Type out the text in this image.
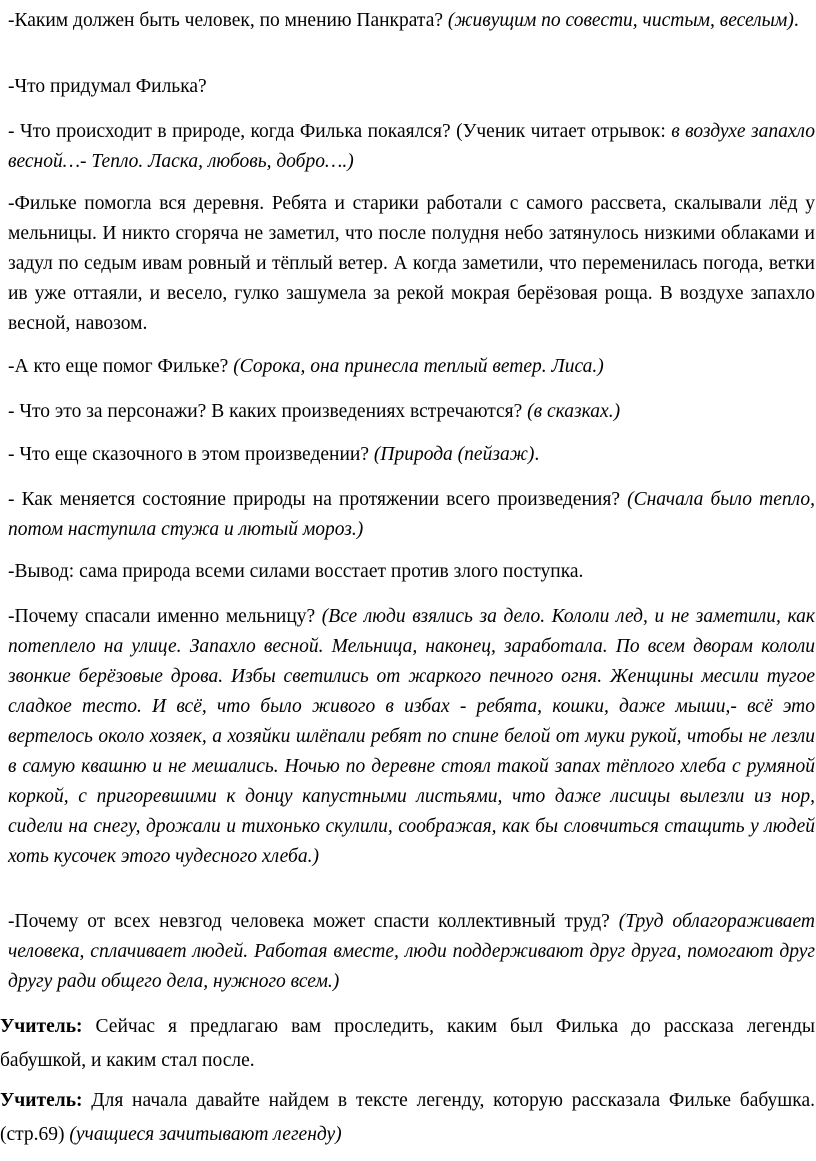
-Каким должен быть человек, по мнению Панкрата? (живущим по совести, чистым, веселым).

-Что придумал Филька?

- Что происходит в природе, когда Филька покаялся? (Ученик читает отрывок: в воздухе запахло весной…- Тепло. Ласка, любовь, добро….)

-Фильке помогла вся деревня. Ребята и старики работали с самого рассвета, скалывали лёд у мельницы. И никто сгоряча не заметил, что после полудня небо затянулось низкими облаками и задул по седым ивам ровный и тёплый ветер. А когда заметили, что переменилась погода, ветки ив уже оттаяли, и весело, гулко зашумела за рекой мокрая берёзовая роща. В воздухе запахло весной, навозом.

-А кто еще помог Фильке? (Сорока, она принесла теплый ветер. Лиса.)

- Что это за персонажи? В каких произведениях встречаются? (в сказках.)

- Что еще сказочного в этом произведении? (Природа (пейзаж).

- Как меняется состояние природы на протяжении всего произведения? (Сначала было тепло, потом наступила стужа и лютый мороз.)

-Вывод: сама природа всеми силами восстает против злого поступка.

-Почему спасали именно мельницу? (Все люди взялись за дело. Кололи лед, и не заметили, как потеплело на улице. Запахло весной. Мельница, наконец, заработала. По всем дворам кололи звонкие берёзовые дрова. Избы светились от жаркого печного огня. Женщины месили тугое сладкое тесто. И всё, что было живого в избах - ребята, кошки, даже мыши,- всё это вертелось около хозяек, а хозяйки шлёпали ребят по спине белой от муки рукой, чтобы не лезли в самую квашню и не мешались. Ночью по деревне стоял такой запах тёплого хлеба с румяной коркой, с пригоревшими к донцу капустными листьями, что даже лисицы вылезли из нор, сидели на снегу, дрожали и тихонько скулили, соображая, как бы словчиться стащить у людей хоть кусочек этого чудесного хлеба.)

-Почему от всех невзгод человека может спасти коллективный труд? (Труд облагораживает человека, сплачивает людей. Работая вместе, люди поддерживают друг друга, помогают друг другу ради общего дела, нужного всем.)

Учитель: Сейчас я предлагаю вам проследить, каким был Филька до рассказа легенды бабушкой, и каким стал после.

Учитель: Для начала давайте найдем в тексте легенду, которую рассказала Фильке бабушка. (стр.69) (учащиеся зачитывают легенду)
